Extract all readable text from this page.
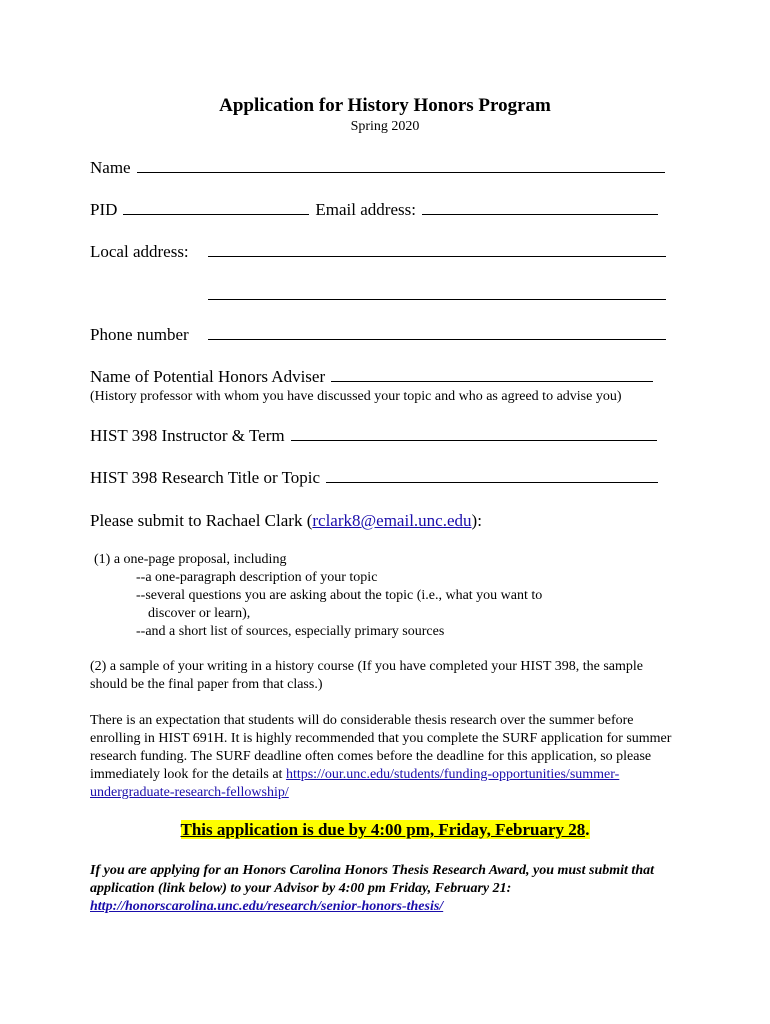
Application for History Honors Program
Spring 2020
Name
PID	Email address:
Local address:
Phone number
Name of Potential Honors Adviser
(History professor with whom you have discussed your topic and who as agreed to advise you)
HIST 398 Instructor & Term
HIST 398 Research Title or Topic
Please submit to Rachael Clark (rclark8@email.unc.edu):
(1) a one-page proposal, including
--a one-paragraph description of your topic
--several questions you are asking about the topic (i.e., what you want to
discover or learn),
--and a short list of sources, especially primary sources
(2) a sample of your writing in a history course (If you have completed your HIST 398, the sample should be the final paper from that class.)
There is an expectation that students will do considerable thesis research over the summer before enrolling in HIST 691H. It is highly recommended that you complete the SURF application for summer research funding. The SURF deadline often comes before the deadline for this application, so please immediately look for the details at https://our.unc.edu/students/funding-opportunities/summer-undergraduate-research-fellowship/
This application is due by 4:00 pm, Friday, February 28.
If you are applying for an Honors Carolina Honors Thesis Research Award, you must submit that application (link below) to your Advisor by 4:00 pm Friday, February 21:
http://honorscarolina.unc.edu/research/senior-honors-thesis/
